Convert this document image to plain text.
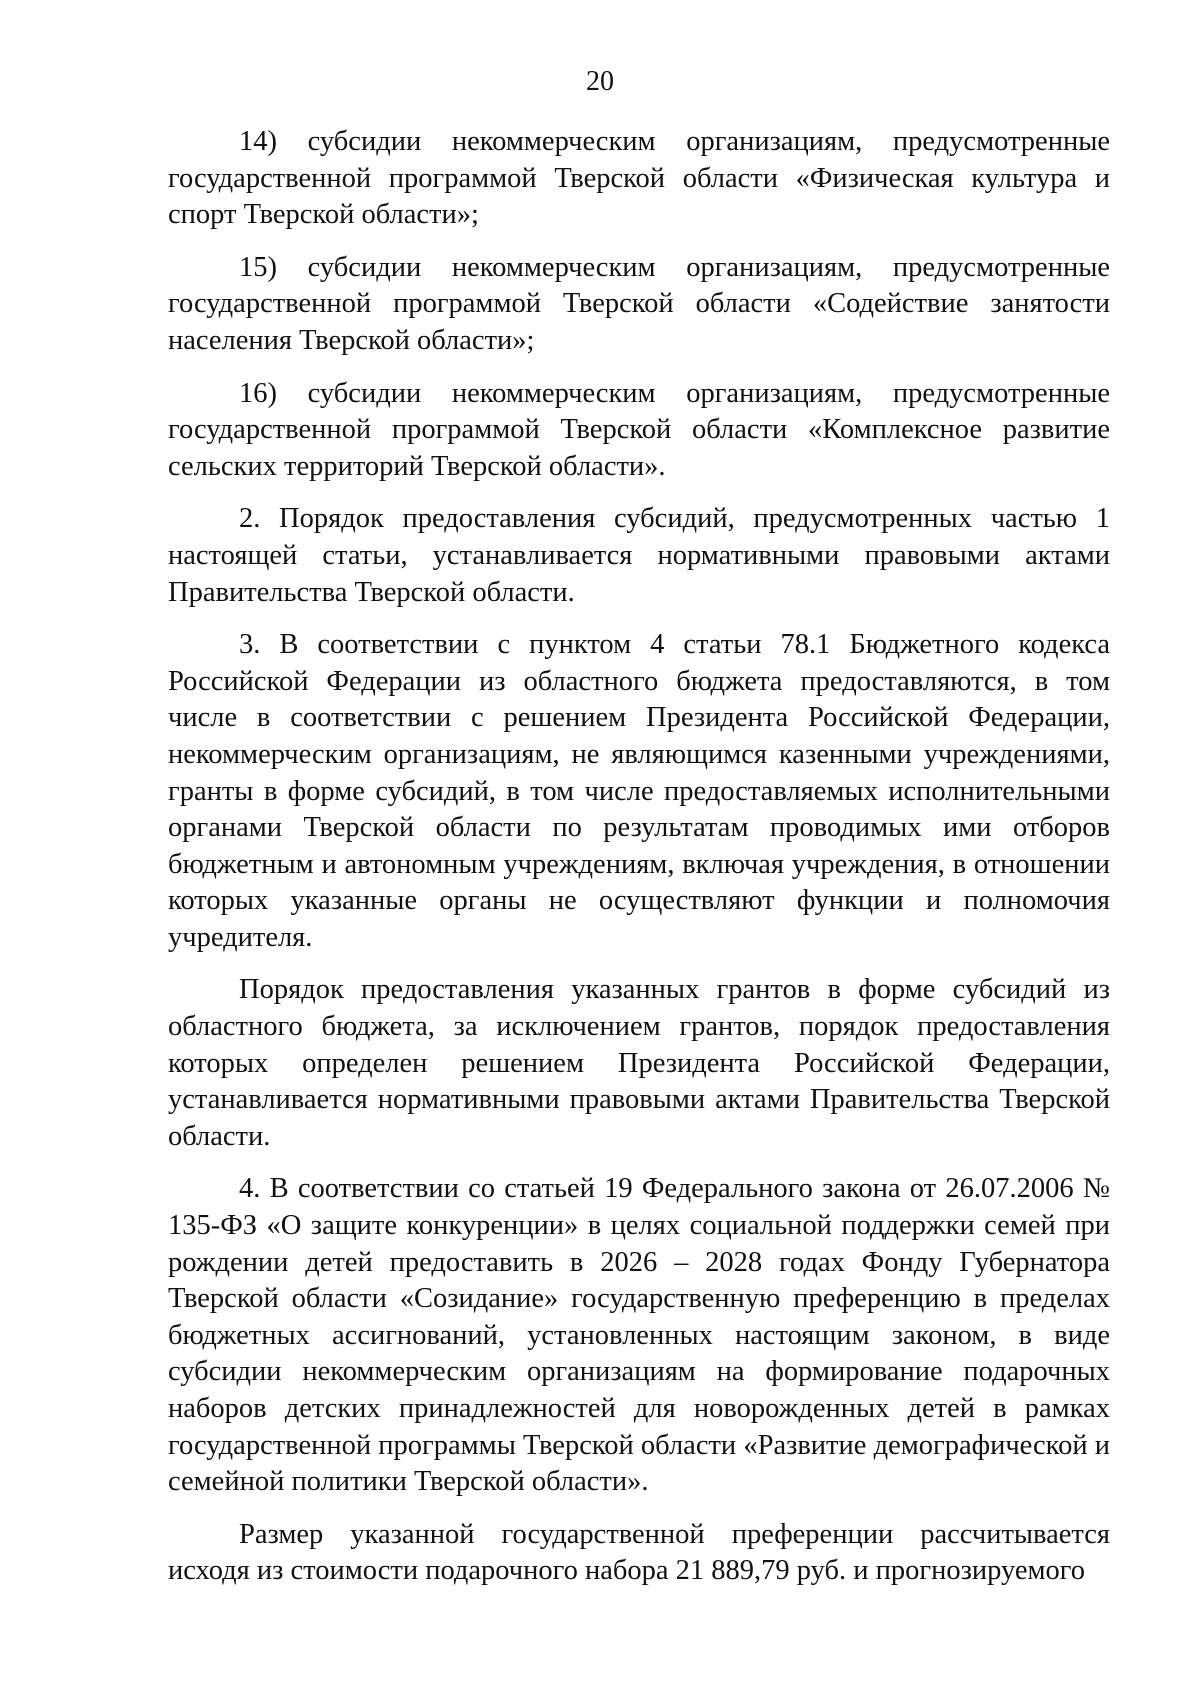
20

14) субсидии некоммерческим организациям, предусмотренные государственной программой Тверской области «Физическая культура и спорт Тверской области»;

15) субсидии некоммерческим организациям, предусмотренные государственной программой Тверской области «Содействие занятости населения Тверской области»;

16) субсидии некоммерческим организациям, предусмотренные государственной программой Тверской области «Комплексное развитие сельских территорий Тверской области».

2. Порядок предоставления субсидий, предусмотренных частью 1 настоящей статьи, устанавливается нормативными правовыми актами Правительства Тверской области.

3. В соответствии с пунктом 4 статьи 78.1 Бюджетного кодекса Российской Федерации из областного бюджета предоставляются, в том числе в соответствии с решением Президента Российской Федерации, некоммерческим организациям, не являющимся казенными учреждениями, гранты в форме субсидий, в том числе предоставляемых исполнительными органами Тверской области по результатам проводимых ими отборов бюджетным и автономным учреждениям, включая учреждения, в отношении которых указанные органы не осуществляют функции и полномочия учредителя.

Порядок предоставления указанных грантов в форме субсидий из областного бюджета, за исключением грантов, порядок предоставления которых определен решением Президента Российской Федерации, устанавливается нормативными правовыми актами Правительства Тверской области.

4. В соответствии со статьей 19 Федерального закона от 26.07.2006 № 135-ФЗ «О защите конкуренции» в целях социальной поддержки семей при рождении детей предоставить в 2026 – 2028 годах Фонду Губернатора Тверской области «Созидание» государственную преференцию в пределах бюджетных ассигнований, установленных настоящим законом, в виде субсидии некоммерческим организациям на формирование подарочных наборов детских принадлежностей для новорожденных детей в рамках государственной программы Тверской области «Развитие демографической и семейной политики Тверской области».

Размер указанной государственной преференции рассчитывается исходя из стоимости подарочного набора 21 889,79 руб. и прогнозируемого
